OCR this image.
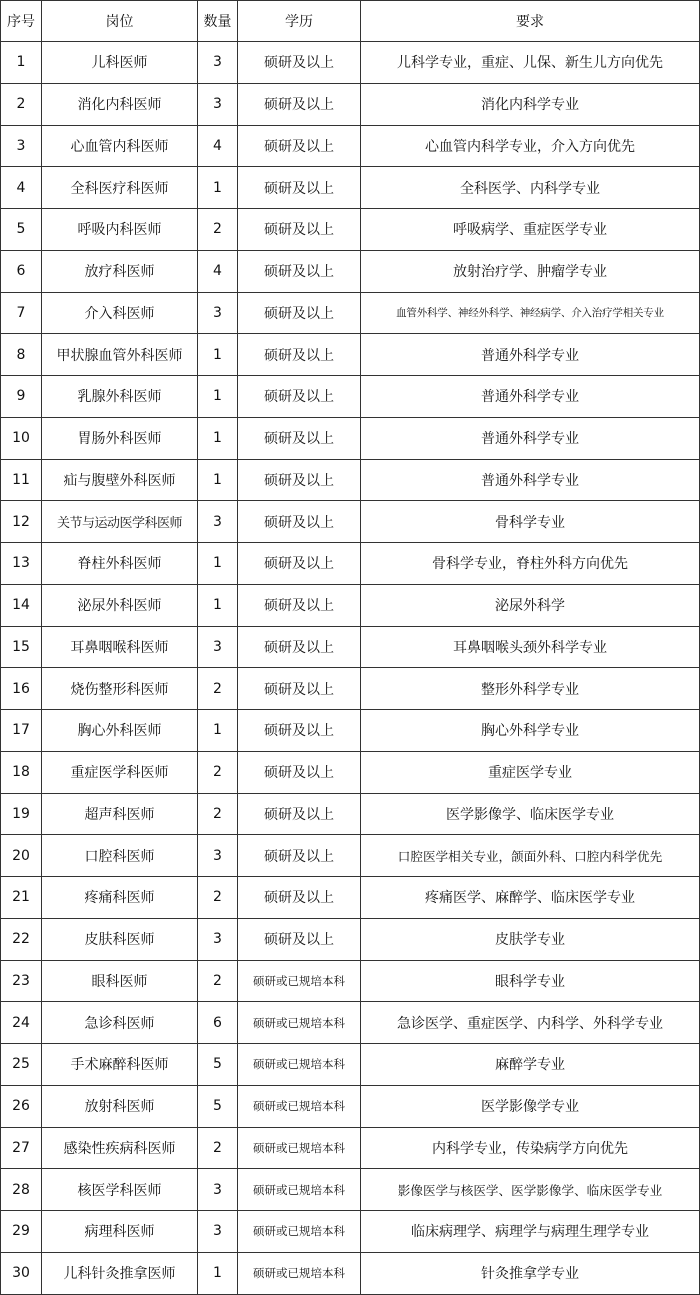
序号	岗位	数量	学历	要求
1	儿科医师	3	硕研及以上	儿科学专业，重症、儿保、新生儿方向优先
2	消化内科医师	3	硕研及以上	消化内科学专业
3	心血管内科医师	4	硕研及以上	心血管内科学专业，介入方向优先
4	全科医疗科医师	1	硕研及以上	全科医学、内科学专业
5	呼吸内科医师	2	硕研及以上	呼吸病学、重症医学专业
6	放疗科医师	4	硕研及以上	放射治疗学、肿瘤学专业
7	介入科医师	3	硕研及以上	血管外科学、神经外科学、神经病学、介入治疗学相关专业
8	甲状腺血管外科医师	1	硕研及以上	普通外科学专业
9	乳腺外科医师	1	硕研及以上	普通外科学专业
10	胃肠外科医师	1	硕研及以上	普通外科学专业
11	疝与腹壁外科医师	1	硕研及以上	普通外科学专业
12	关节与运动医学科医师	3	硕研及以上	骨科学专业
13	脊柱外科医师	1	硕研及以上	骨科学专业，脊柱外科方向优先
14	泌尿外科医师	1	硕研及以上	泌尿外科学
15	耳鼻咽喉科医师	3	硕研及以上	耳鼻咽喉头颈外科学专业
16	烧伤整形科医师	2	硕研及以上	整形外科学专业
17	胸心外科医师	1	硕研及以上	胸心外科学专业
18	重症医学科医师	2	硕研及以上	重症医学专业
19	超声科医师	2	硕研及以上	医学影像学、临床医学专业
20	口腔科医师	3	硕研及以上	口腔医学相关专业，颌面外科、口腔内科学优先
21	疼痛科医师	2	硕研及以上	疼痛医学、麻醉学、临床医学专业
22	皮肤科医师	3	硕研及以上	皮肤学专业
23	眼科医师	2	硕研或已规培本科	眼科学专业
24	急诊科医师	6	硕研或已规培本科	急诊医学、重症医学、内科学、外科学专业
25	手术麻醉科医师	5	硕研或已规培本科	麻醉学专业
26	放射科医师	5	硕研或已规培本科	医学影像学专业
27	感染性疾病科医师	2	硕研或已规培本科	内科学专业，传染病学方向优先
28	核医学科医师	3	硕研或已规培本科	影像医学与核医学、医学影像学、临床医学专业
29	病理科医师	3	硕研或已规培本科	临床病理学、病理学与病理生理学专业
30	儿科针灸推拿医师	1	硕研或已规培本科	针灸推拿学专业
